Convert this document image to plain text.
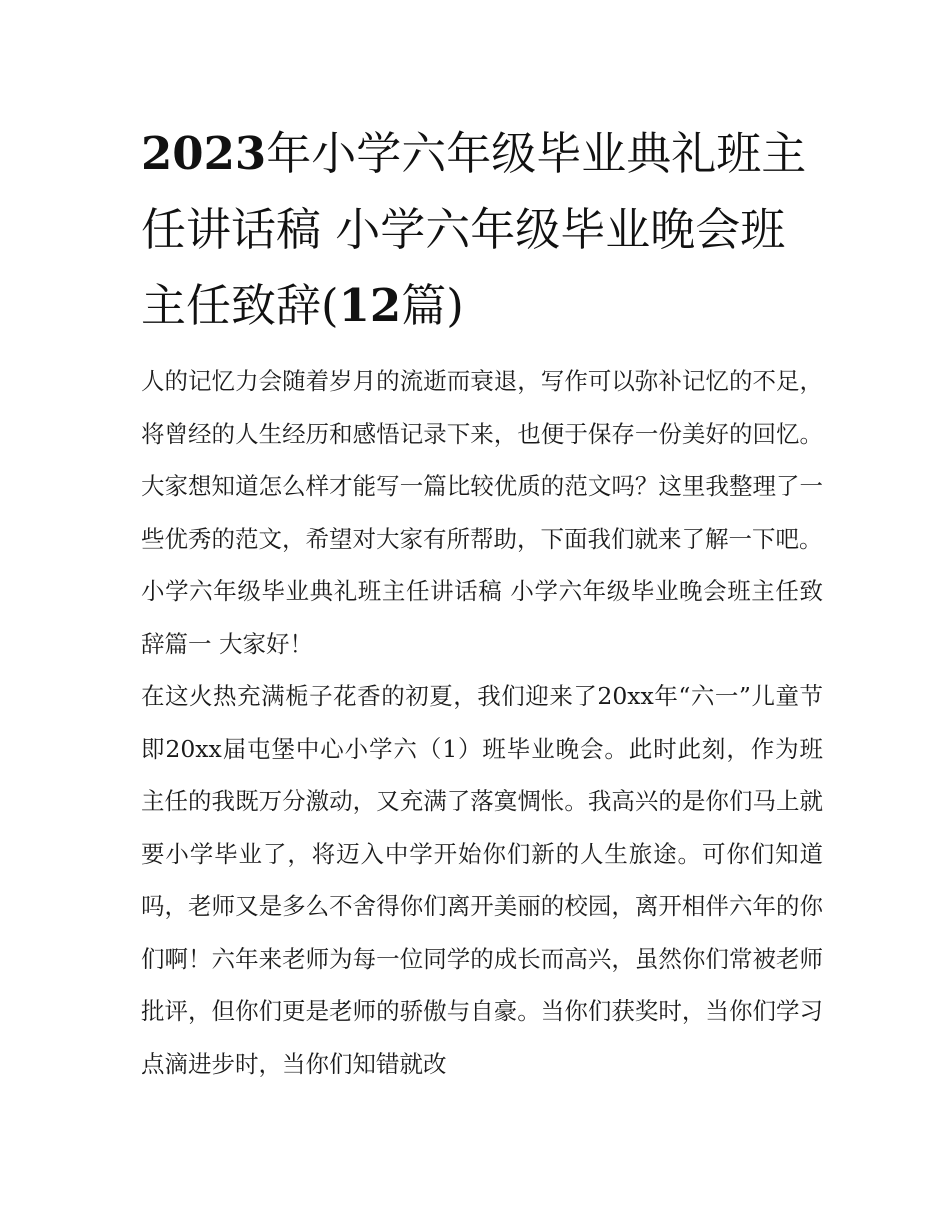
2023年小学六年级毕业典礼班主任讲话稿 小学六年级毕业晚会班主任致辞(12篇)

人的记忆力会随着岁月的流逝而衰退，写作可以弥补记忆的不足，将曾经的人生经历和感悟记录下来，也便于保存一份美好的回忆。大家想知道怎么样才能写一篇比较优质的范文吗？这里我整理了一些优秀的范文，希望对大家有所帮助，下面我们就来了解一下吧。

小学六年级毕业典礼班主任讲话稿 小学六年级毕业晚会班主任致辞篇一 大家好！

在这火热充满栀子花香的初夏，我们迎来了20xx年“六一”儿童节即20xx届屯堡中心小学六（1）班毕业晚会。此时此刻，作为班主任的我既万分激动，又充满了落寞惆怅。我高兴的是你们马上就要小学毕业了，将迈入中学开始你们新的人生旅途。可你们知道吗，老师又是多么不舍得你们离开美丽的校园，离开相伴六年的你们啊！六年来老师为每一位同学的成长而高兴，虽然你们常被老师批评，但你们更是老师的骄傲与自豪。当你们获奖时，当你们学习点滴进步时，当你们知错就改
